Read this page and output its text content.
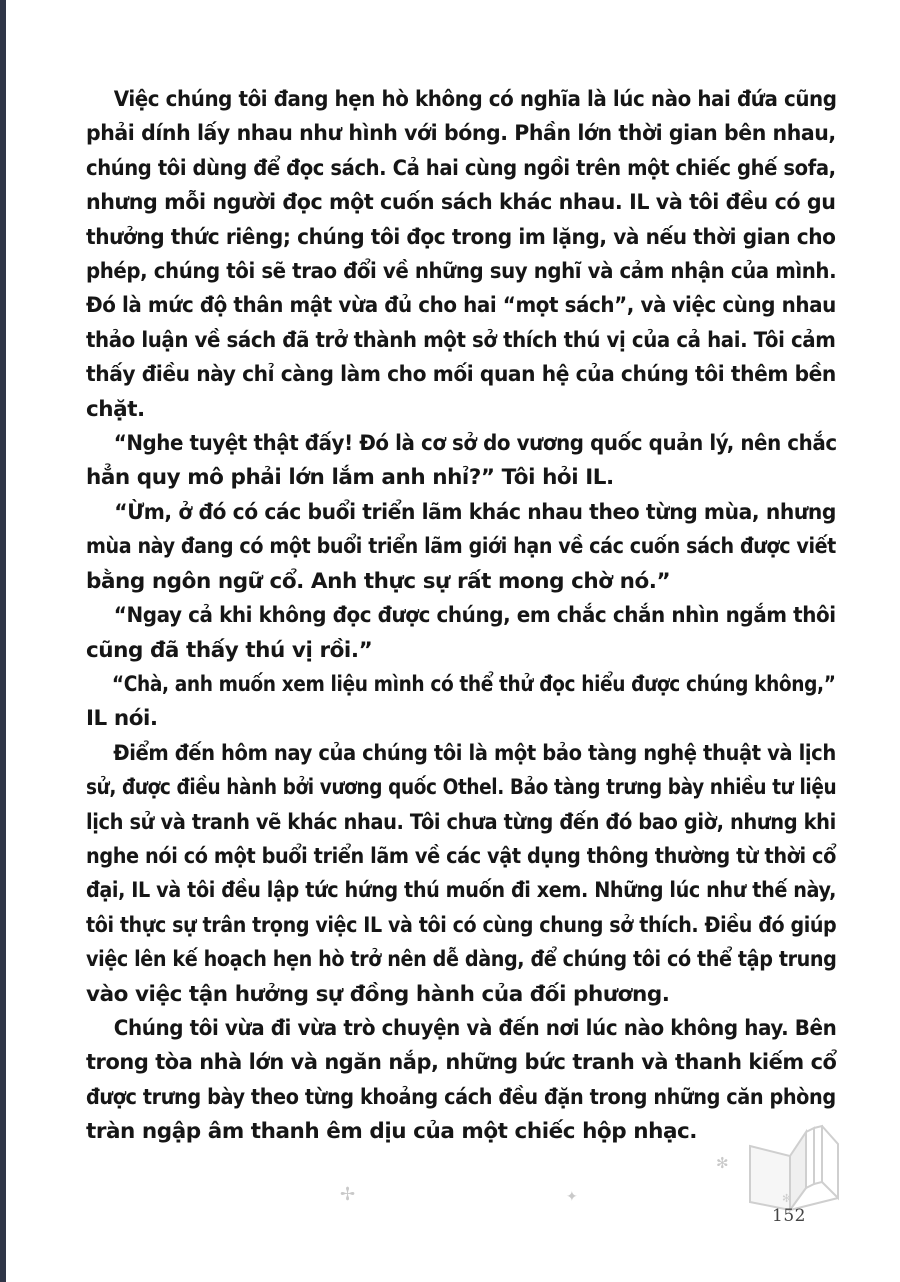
Việc chúng tôi đang hẹn hò không có nghĩa là lúc nào hai đứa cũng
phải dính lấy nhau như hình với bóng. Phần lớn thời gian bên nhau,
chúng tôi dùng để đọc sách. Cả hai cùng ngồi trên một chiếc ghế sofa,
nhưng mỗi người đọc một cuốn sách khác nhau. IL và tôi đều có gu
thưởng thức riêng; chúng tôi đọc trong im lặng, và nếu thời gian cho
phép, chúng tôi sẽ trao đổi về những suy nghĩ và cảm nhận của mình.
Đó là mức độ thân mật vừa đủ cho hai “mọt sách”, và việc cùng nhau
thảo luận về sách đã trở thành một sở thích thú vị của cả hai. Tôi cảm
thấy điều này chỉ càng làm cho mối quan hệ của chúng tôi thêm bền
chặt.

“Nghe tuyệt thật đấy! Đó là cơ sở do vương quốc quản lý, nên chắc
hẳn quy mô phải lớn lắm anh nhỉ?” Tôi hỏi IL.

“Ừm, ở đó có các buổi triển lãm khác nhau theo từng mùa, nhưng
mùa này đang có một buổi triển lãm giới hạn về các cuốn sách được viết
bằng ngôn ngữ cổ. Anh thực sự rất mong chờ nó.”

“Ngay cả khi không đọc được chúng, em chắc chắn nhìn ngắm thôi
cũng đã thấy thú vị rồi.”

“Chà, anh muốn xem liệu mình có thể thử đọc hiểu được chúng không,”
IL nói.

Điểm đến hôm nay của chúng tôi là một bảo tàng nghệ thuật và lịch
sử, được điều hành bởi vương quốc Othel. Bảo tàng trưng bày nhiều tư liệu
lịch sử và tranh vẽ khác nhau. Tôi chưa từng đến đó bao giờ, nhưng khi
nghe nói có một buổi triển lãm về các vật dụng thông thường từ thời cổ
đại, IL và tôi đều lập tức hứng thú muốn đi xem. Những lúc như thế này,
tôi thực sự trân trọng việc IL và tôi có cùng chung sở thích. Điều đó giúp
việc lên kế hoạch hẹn hò trở nên dễ dàng, để chúng tôi có thể tập trung
vào việc tận hưởng sự đồng hành của đối phương.

Chúng tôi vừa đi vừa trò chuyện và đến nơi lúc nào không hay. Bên
trong tòa nhà lớn và ngăn nắp, những bức tranh và thanh kiếm cổ
được trưng bày theo từng khoảng cách đều đặn trong những căn phòng
tràn ngập âm thanh êm dịu của một chiếc hộp nhạc.

✢	✦
✻
✻
152
